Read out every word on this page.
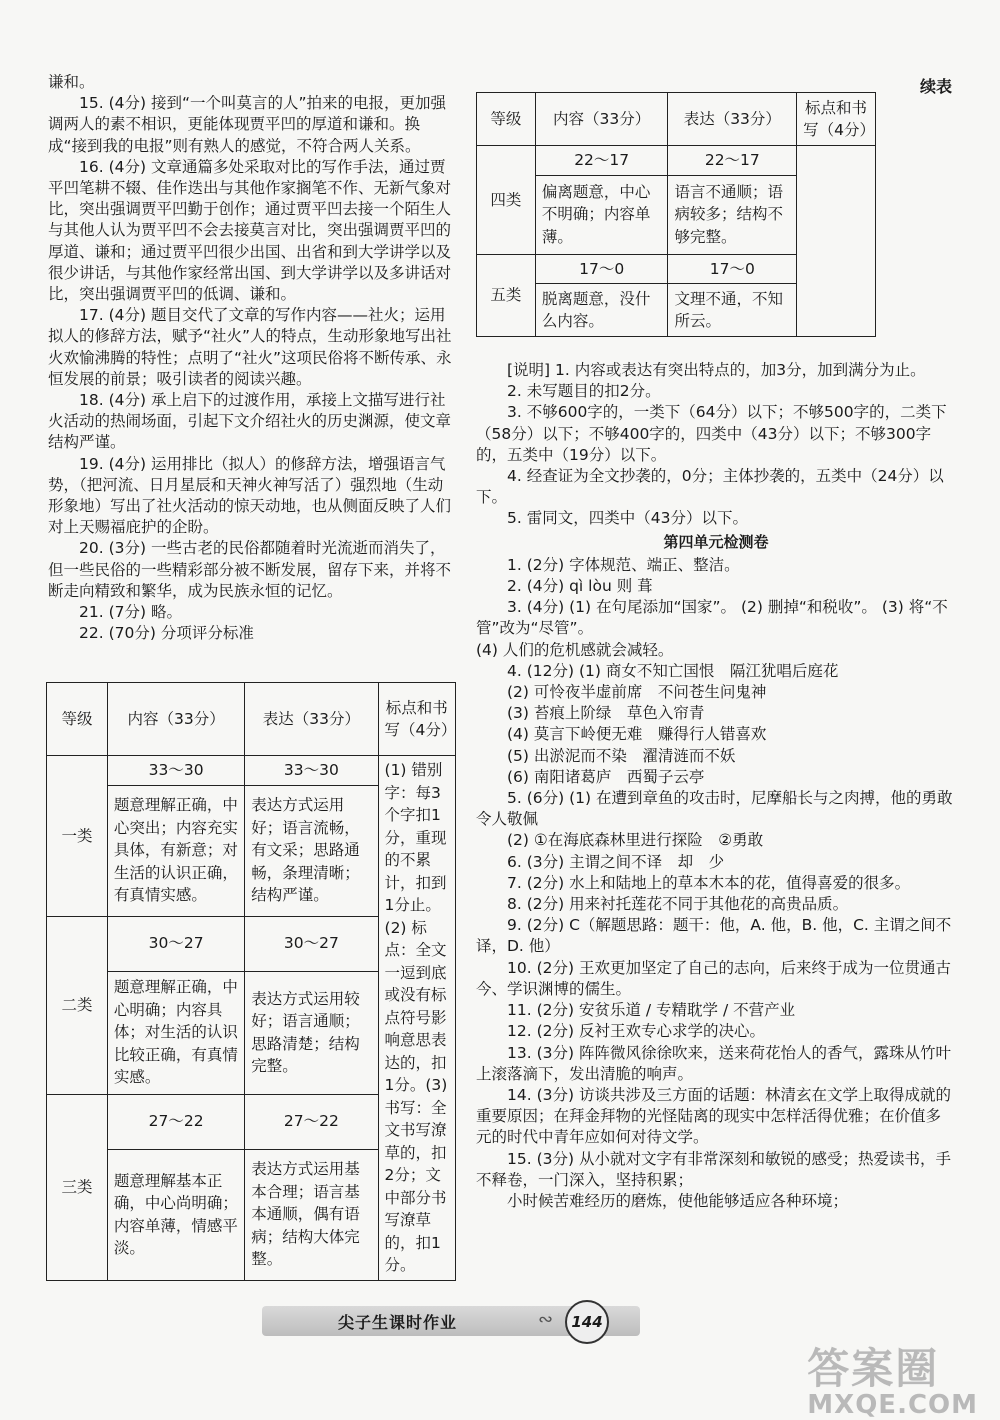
谦和。

15. (4分) 接到“一个叫莫言的人”拍来的电报，更加强调两人的素不相识，更能体现贾平凹的厚道和谦和。换成“接到我的电报”则有熟人的感觉，不符合两人关系。

16. (4分) 文章通篇多处采取对比的写作手法，通过贾平凹笔耕不辍、佳作迭出与其他作家搁笔不作、无新气象对比，突出强调贾平凹勤于创作；通过贾平凹去接一个陌生人与其他人认为贾平凹不会去接莫言对比，突出强调贾平凹的厚道、谦和；通过贾平凹很少出国、出省和到大学讲学以及很少讲话，与其他作家经常出国、到大学讲学以及多讲话对比，突出强调贾平凹的低调、谦和。

17. (4分) 题目交代了文章的写作内容——社火；运用拟人的修辞方法，赋予“社火”人的特点，生动形象地写出社火欢愉沸腾的特性；点明了“社火”这项民俗将不断传承、永恒发展的前景；吸引读者的阅读兴趣。

18. (4分) 承上启下的过渡作用，承接上文描写进行社火活动的热闹场面，引起下文介绍社火的历史渊源，使文章结构严谨。

19. (4分) 运用排比（拟人）的修辞方法，增强语言气势，（把河流、日月星辰和天神火神写活了）强烈地（生动形象地）写出了社火活动的惊天动地，也从侧面反映了人们对上天赐福庇护的企盼。

20. (3分) 一些古老的民俗都随着时光流逝而消失了，但一些民俗的一些精彩部分被不断发展，留存下来，并将不断走向精致和繁华，成为民族永恒的记忆。

21. (7分) 略。

22. (70分) 分项评分标准

等级	内容（33分）	表达（33分）	标点和书写（4分）
一类	33～30	33～30	(1) 错别字：每3个字扣1分，重现的不累计，扣到1分止。(2) 标点：全文一逗到底或没有标点符号影响意思表达的，扣1分。(3) 书写：全文书写潦草的，扣2分；文中部分书写潦草的，扣1分。
	题意理解正确，中心突出；内容充实具体，有新意；对生活的认识正确，有真情实感。	表达方式运用好；语言流畅，有文采；思路通畅，条理清晰；结构严谨。	
二类	30～27	30～27	
	题意理解正确，中心明确；内容具体；对生活的认识比较正确，有真情实感。	表达方式运用较好；语言通顺；思路清楚；结构完整。	
三类	27～22	27～22	
	题意理解基本正确，中心尚明确；内容单薄，情感平淡。	表达方式运用基本合理；语言基本通顺，偶有语病；结构大体完整。	
续表
等级	内容（33分）	表达（33分）	标点和书写（4分）
四类	22～17	22～17	
	偏离题意，中心不明确；内容单薄。	语言不通顺；语病较多；结构不够完整。	
五类	17～0	17～0	
	脱离题意，没什么内容。	文理不通，不知所云。	

[说明] 1. 内容或表达有突出特点的，加3分，加到满分为止。

2. 未写题目的扣2分。

3. 不够600字的，一类下（64分）以下；不够500字的，二类下（58分）以下；不够400字的，四类中（43分）以下；不够300字的，五类中（19分）以下。

4. 经查证为全文抄袭的，0分；主体抄袭的，五类中（24分）以下。

5. 雷同文，四类中（43分）以下。

第四单元检测卷

1. (2分) 字体规范、端正、整洁。

2. (4分) qì lòu 则 葺

3. (4分) (1) 在句尾添加“国家”。 (2) 删掉“和税收”。 (3) 将“不管”改为“尽管”。

(4) 人们的危机感就会减轻。

4. (12分) (1) 商女不知亡国恨　隔江犹唱后庭花

(2) 可怜夜半虚前席　不问苍生问鬼神

(3) 苔痕上阶绿　草色入帘青

(4) 莫言下岭便无难　赚得行人错喜欢

(5) 出淤泥而不染　濯清涟而不妖

(6) 南阳诸葛庐　西蜀子云亭

5. (6分) (1) 在遭到章鱼的攻击时，尼摩船长与之肉搏，他的勇敢令人敬佩

(2) ①在海底森林里进行探险　②勇敢

6. (3分) 主谓之间不译　却　少

7. (2分) 水上和陆地上的草本木本的花，值得喜爱的很多。

8. (2分) 用来衬托莲花不同于其他花的高贵品质。

9. (2分) C（解题思路：题干：他，A. 他，B. 他，C. 主谓之间不译，D. 他）

10. (2分) 王欢更加坚定了自己的志向，后来终于成为一位贯通古今、学识渊博的儒生。

11. (2分) 安贫乐道 / 专精耽学 / 不营产业

12. (2分) 反衬王欢专心求学的决心。

13. (3分) 阵阵微风徐徐吹来，送来荷花怡人的香气，露珠从竹叶上滚落滴下，发出清脆的响声。

14. (3分) 访谈共涉及三方面的话题：林清玄在文学上取得成就的重要原因；在拜金拜物的光怪陆离的现实中怎样活得优雅；在价值多元的时代中青年应如何对待文学。

15. (3分) 从小就对文字有非常深刻和敏锐的感受；热爱读书，手不释卷，一门深入，坚持积累；

小时候苦难经历的磨炼，使他能够适应各种环境；

尖子生课时作业	∾	144
答案圈
MXQE.COM
